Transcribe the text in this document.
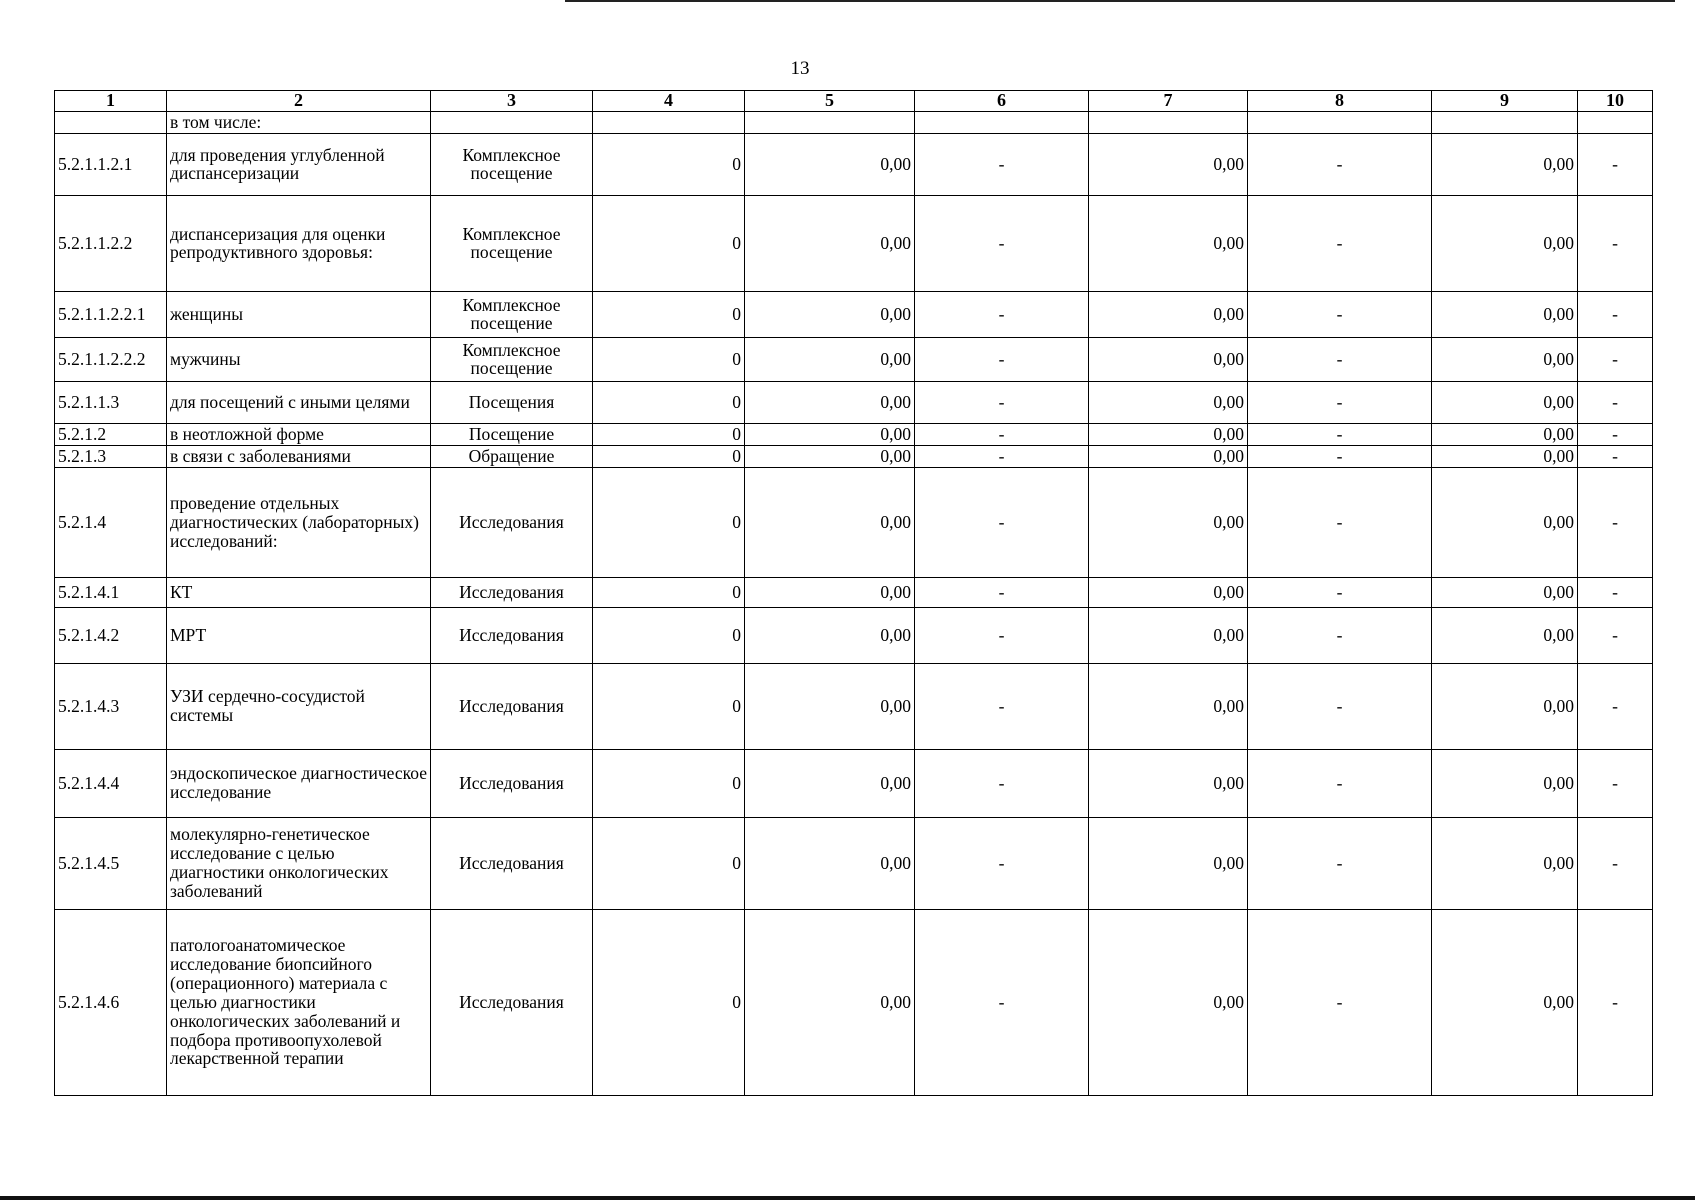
13
1	2	3	4	5	6	7	8	9	10
	в том числе:								
5.2.1.1.2.1	для проведения углубленной диспансеризации	Комплексное посещение	0	0,00	-	0,00	-	0,00	-
5.2.1.1.2.2	диспансеризация для оценки репродуктивного здоровья:	Комплексное посещение	0	0,00	-	0,00	-	0,00	-
5.2.1.1.2.2.1	женщины	Комплексное посещение	0	0,00	-	0,00	-	0,00	-
5.2.1.1.2.2.2	мужчины	Комплексное посещение	0	0,00	-	0,00	-	0,00	-
5.2.1.1.3	для посещений с иными целями	Посещения	0	0,00	-	0,00	-	0,00	-
5.2.1.2	в неотложной форме	Посещение	0	0,00	-	0,00	-	0,00	-
5.2.1.3	в связи с заболеваниями	Обращение	0	0,00	-	0,00	-	0,00	-
5.2.1.4	проведение отдельных диагностических (лабораторных) исследований:	Исследования	0	0,00	-	0,00	-	0,00	-
5.2.1.4.1	КТ	Исследования	0	0,00	-	0,00	-	0,00	-
5.2.1.4.2	МРТ	Исследования	0	0,00	-	0,00	-	0,00	-
5.2.1.4.3	УЗИ сердечно-сосудистой системы	Исследования	0	0,00	-	0,00	-	0,00	-
5.2.1.4.4	эндоскопическое диагностическое исследование	Исследования	0	0,00	-	0,00	-	0,00	-
5.2.1.4.5	молекулярно-генетическое исследование с целью диагностики онкологических заболеваний	Исследования	0	0,00	-	0,00	-	0,00	-
5.2.1.4.6	патологоанатомическое исследование биопсийного (операционного) материала с целью диагностики онкологических заболеваний и подбора противоопухолевой лекарственной терапии	Исследования	0	0,00	-	0,00	-	0,00	-
